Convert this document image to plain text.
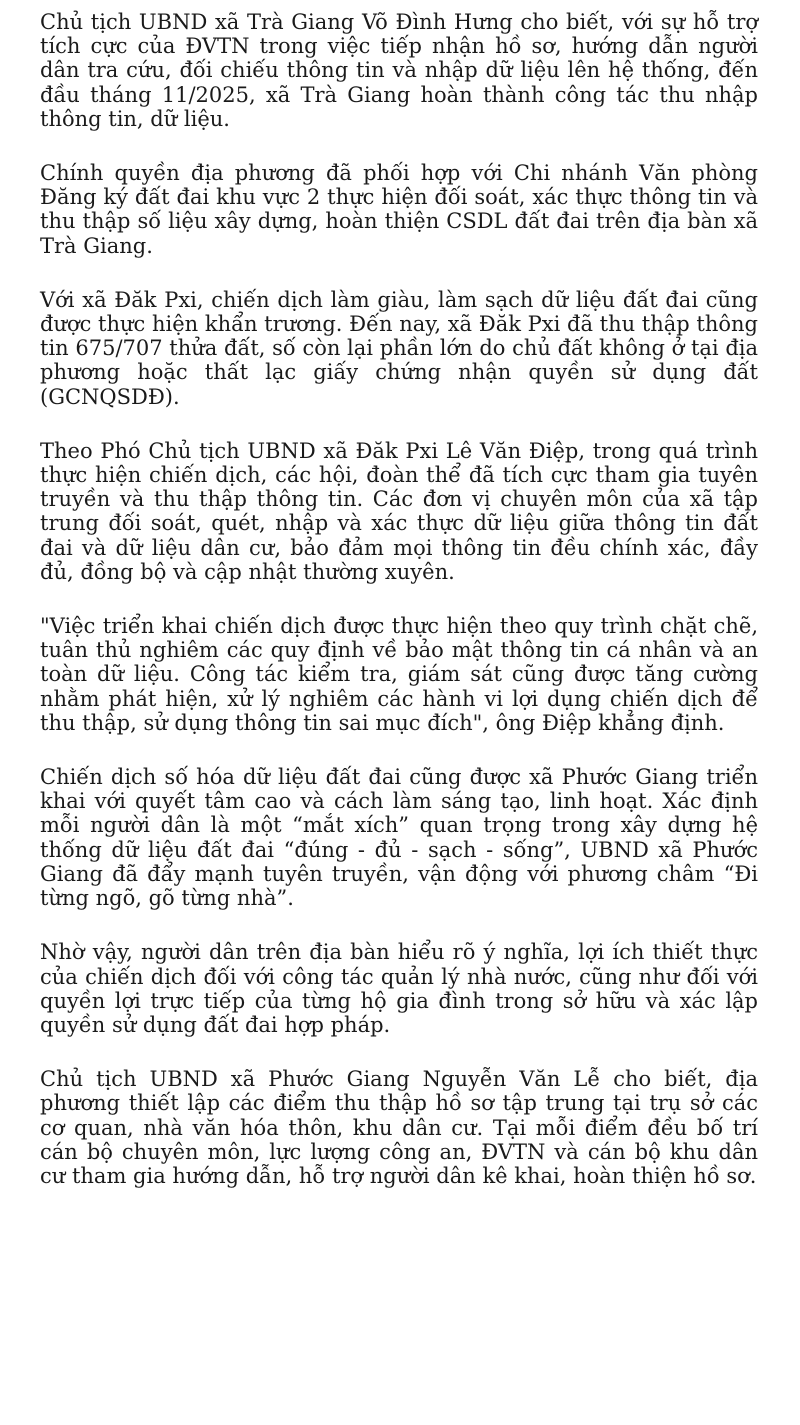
Chủ tịch UBND xã Trà Giang Võ Đình Hưng cho biết, với sự hỗ trợ tích cực của ĐVTN trong việc tiếp nhận hồ sơ, hướng dẫn người dân tra cứu, đối chiếu thông tin và nhập dữ liệu lên hệ thống, đến đầu tháng 11/2025, xã Trà Giang hoàn thành công tác thu nhập thông tin, dữ liệu.

Chính quyền địa phương đã phối hợp với Chi nhánh Văn phòng Đăng ký đất đai khu vực 2 thực hiện đối soát, xác thực thông tin và thu thập số liệu xây dựng, hoàn thiện CSDL đất đai trên địa bàn xã Trà Giang.

Với xã Đăk Pxi, chiến dịch làm giàu, làm sạch dữ liệu đất đai cũng được thực hiện khẩn trương. Đến nay, xã Đăk Pxi đã thu thập thông tin 675/707 thửa đất, số còn lại phần lớn do chủ đất không ở tại địa phương hoặc thất lạc giấy chứng nhận quyền sử dụng đất (GCNQSDĐ).

Theo Phó Chủ tịch UBND xã Đăk Pxi Lê Văn Điệp, trong quá trình thực hiện chiến dịch, các hội, đoàn thể đã tích cực tham gia tuyên truyền và thu thập thông tin. Các đơn vị chuyên môn của xã tập trung đối soát, quét, nhập và xác thực dữ liệu giữa thông tin đất đai và dữ liệu dân cư, bảo đảm mọi thông tin đều chính xác, đầy đủ, đồng bộ và cập nhật thường xuyên.

"Việc triển khai chiến dịch được thực hiện theo quy trình chặt chẽ, tuân thủ nghiêm các quy định về bảo mật thông tin cá nhân và an toàn dữ liệu. Công tác kiểm tra, giám sát cũng được tăng cường nhằm phát hiện, xử lý nghiêm các hành vi lợi dụng chiến dịch để thu thập, sử dụng thông tin sai mục đích", ông Điệp khẳng định.

Chiến dịch số hóa dữ liệu đất đai cũng được xã Phước Giang triển khai với quyết tâm cao và cách làm sáng tạo, linh hoạt. Xác định mỗi người dân là một “mắt xích” quan trọng trong xây dựng hệ thống dữ liệu đất đai “đúng - đủ - sạch - sống”, UBND xã Phước Giang đã đẩy mạnh tuyên truyền, vận động với phương châm “Đi từng ngõ, gõ từng nhà”.

Nhờ vậy, người dân trên địa bàn hiểu rõ ý nghĩa, lợi ích thiết thực của chiến dịch đối với công tác quản lý nhà nước, cũng như đối với quyền lợi trực tiếp của từng hộ gia đình trong sở hữu và xác lập quyền sử dụng đất đai hợp pháp.

Chủ tịch UBND xã Phước Giang Nguyễn Văn Lễ cho biết, địa phương thiết lập các điểm thu thập hồ sơ tập trung tại trụ sở các cơ quan, nhà văn hóa thôn, khu dân cư. Tại mỗi điểm đều bố trí cán bộ chuyên môn, lực lượng công an, ĐVTN và cán bộ khu dân cư tham gia hướng dẫn, hỗ trợ người dân kê khai, hoàn thiện hồ sơ.
